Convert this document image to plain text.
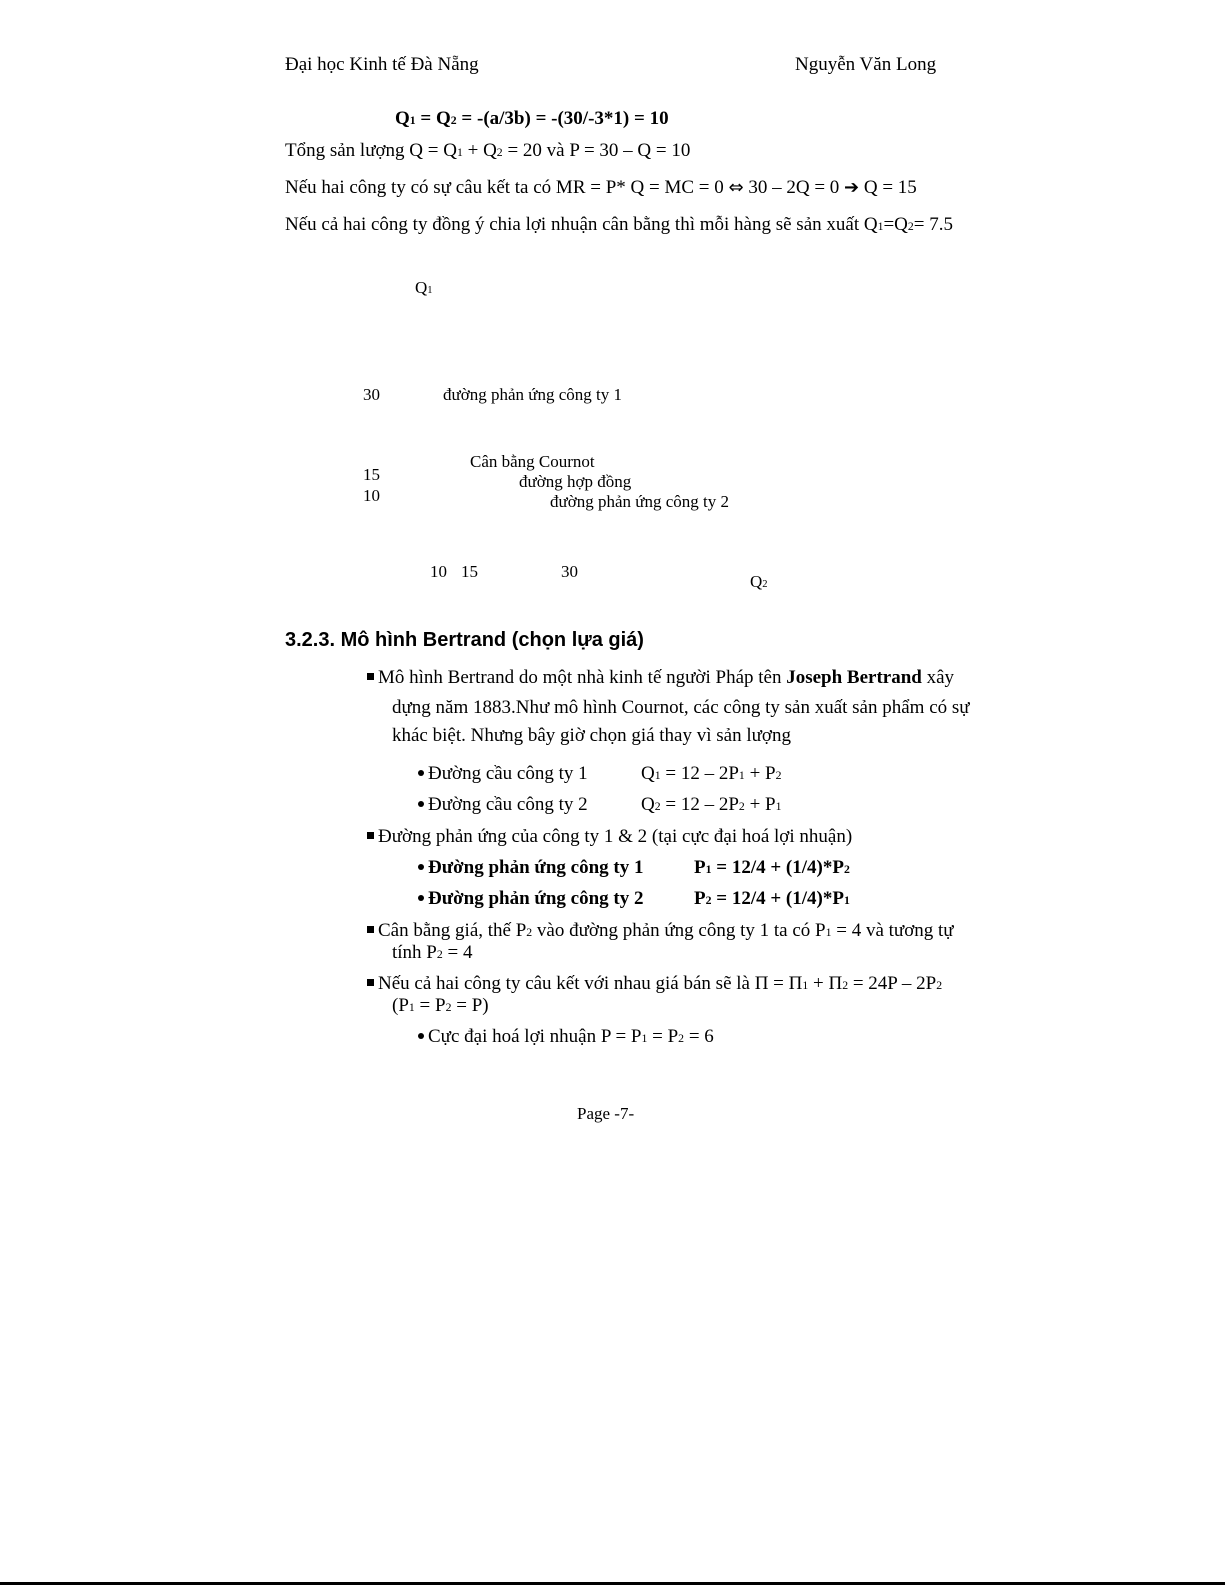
Đại học Kinh tế Đà Nẵng	Nguyễn Văn Long
Q1 = Q2 = -(a/3b) = -(30/-3*1) = 10
Tổng sản lượng Q = Q1 + Q2 = 20 và P = 30 – Q = 10
Nếu hai công ty có sự câu kết ta có MR = P* Q = MC = 0 ⇔ 30 – 2Q = 0 ➔ Q = 15
Nếu cả hai công ty đồng ý chia lợi nhuận cân bằng thì mỗi hàng sẽ sản xuất Q1=Q2= 7.5
Q1
30	đường phản ứng công ty 1
Cân bằng Cournot
15	đường hợp đồng
10	đường phản ứng công ty 2
10 15	30
Q2
3.2.3. Mô hình Bertrand (chọn lựa giá)
Mô hình Bertrand do một nhà kinh tế người Pháp tên Joseph Bertrand xây
dựng năm 1883.Như mô hình Cournot, các công ty sản xuất sản phẩm có sự
khác biệt. Nhưng bây giờ chọn giá thay vì sản lượng
Đường cầu công ty 1	Q1 = 12 – 2P1 + P2
Đường cầu công ty 2	Q2 = 12 – 2P2 + P1
Đường phản ứng của công ty 1 & 2 (tại cực đại hoá lợi nhuận)
Đường phản ứng công ty 1	P1 = 12/4 + (1/4)*P2
Đường phản ứng công ty 2	P2 = 12/4 + (1/4)*P1
Cân bằng giá, thế P2 vào đường phản ứng công ty 1 ta có P1 = 4 và tương tự
tính P2 = 4
Nếu cả hai công ty câu kết với nhau giá bán sẽ là Π = Π1 + Π2 = 24P – 2P2
(P1 = P2 = P)
Cực đại hoá lợi nhuận P = P1 = P2 = 6
Page -7-
